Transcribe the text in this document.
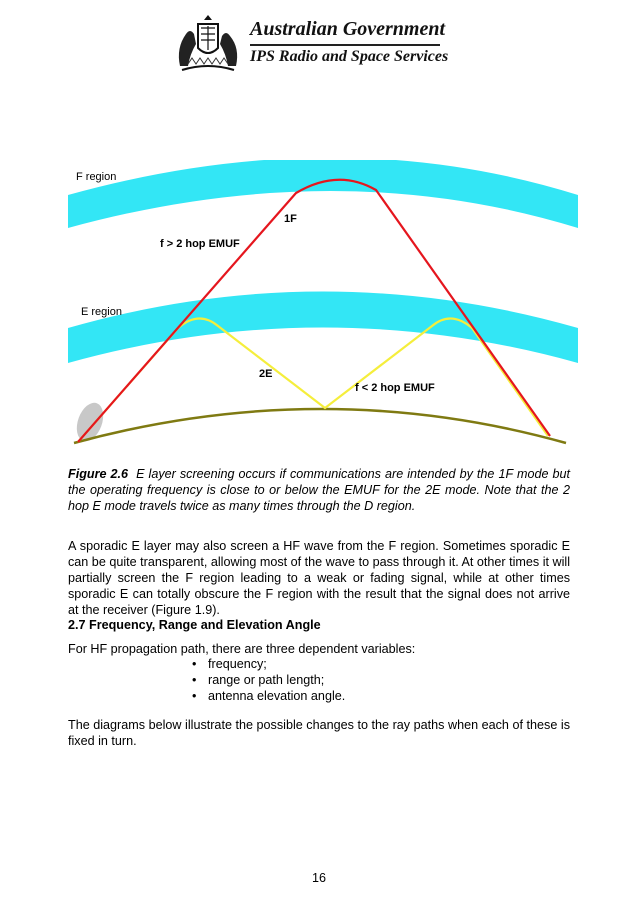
Australian Government
IPS Radio and Space Services
F region
E region
1F
f > 2 hop EMUF
2E
f < 2 hop EMUF
Figure 2.6 E layer screening occurs if communications are intended by the 1F mode but the operating frequency is close to or below the EMUF for the 2E mode. Note that the 2 hop E mode travels twice as many times through the D region.
A sporadic E layer may also screen a HF wave from the F region. Sometimes sporadic E can be quite transparent, allowing most of the wave to pass through it. At other times it will partially screen the F region leading to a weak or fading signal, while at other times sporadic E can totally obscure the F region with the result that the signal does not arrive at the receiver (Figure 1.9).
2.7 Frequency, Range and Elevation Angle
For HF propagation path, there are three dependent variables:
• frequency;
• range or path length;
• antenna elevation angle.
The diagrams below illustrate the possible changes to the ray paths when each of these is fixed in turn.
16
